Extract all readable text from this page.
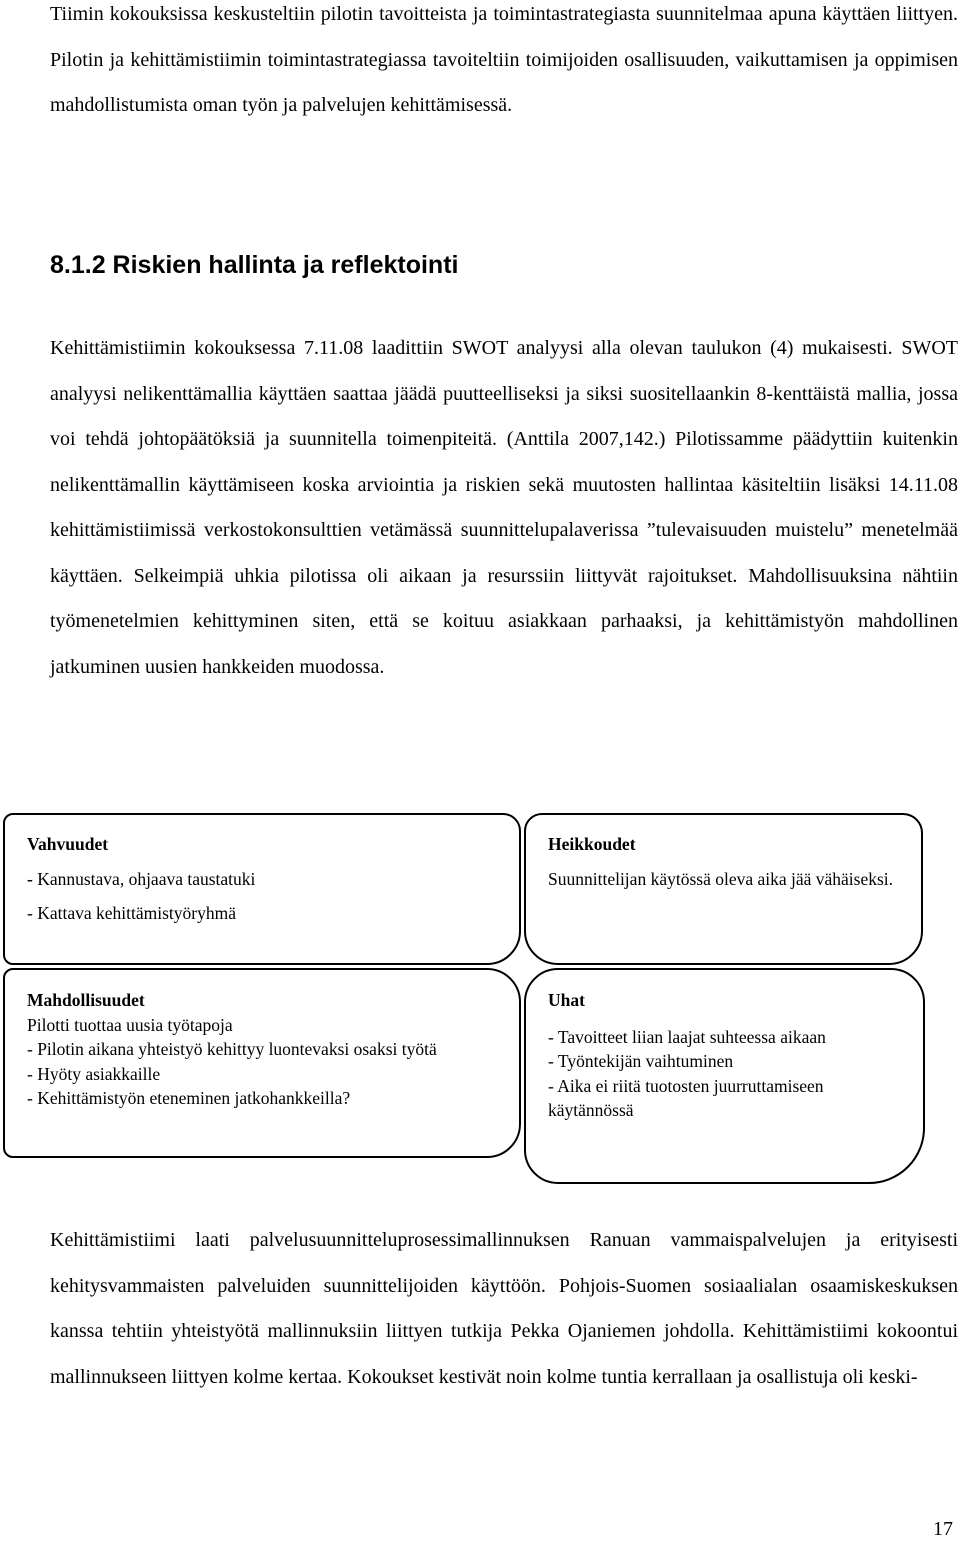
Tiimin kokouksissa keskusteltiin pilotin tavoitteista ja toimintastrategiasta suunnitelmaa apuna käyttäen liittyen. Pilotin ja kehittämistiimin toimintastrategiassa tavoiteltiin toimijoiden osallisuuden, vaikuttamisen ja oppimisen mahdollistumista oman työn ja palvelujen kehittämisessä.

8.1.2 Riskien hallinta ja reflektointi

Kehittämistiimin kokouksessa 7.11.08 laadittiin SWOT analyysi alla olevan taulukon (4) mukaisesti. SWOT analyysi nelikenttämallia käyttäen saattaa jäädä puutteelliseksi ja siksi suositellaankin 8-kenttäistä mallia, jossa voi tehdä johtopäätöksiä ja suunnitella toimenpiteitä. (Anttila 2007,142.) Pilotissamme päädyttiin kuitenkin nelikenttämallin käyttämiseen koska arviointia ja riskien sekä muutosten hallintaa käsiteltiin lisäksi 14.11.08 kehittämistiimissä verkostokonsulttien vetämässä suunnittelupalaverissa ”tulevaisuuden muistelu” menetelmää käyttäen. Selkeimpiä uhkia pilotissa oli aikaan ja resurssiin liittyvät rajoitukset. Mahdollisuuksina nähtiin työmenetelmien kehittyminen siten, että se koituu asiakkaan parhaaksi, ja kehittämistyön mahdollinen jatkuminen uusien hankkeiden muodossa.

Vahvuudet

- Kannustava, ohjaava taustatuki

- Kattava kehittämistyöryhmä

Heikkoudet

Suunnittelijan käytössä oleva aika jää vähäiseksi.

Mahdollisuudet

Pilotti tuottaa uusia työtapoja

- Pilotin aikana yhteistyö kehittyy luontevaksi osaksi työtä

- Hyöty asiakkaille

- Kehittämistyön eteneminen jatkohankkeilla?

Uhat

- Tavoitteet liian laajat suhteessa aikaan

- Työntekijän vaihtuminen

- Aika ei riitä tuotosten juurruttamiseen käytännössä

Kehittämistiimi laati palvelusuunnitteluprosessimallinnuksen Ranuan vammaispalvelujen ja erityisesti kehitysvammaisten palveluiden suunnittelijoiden käyttöön. Pohjois-Suomen sosiaalialan osaamiskeskuksen kanssa tehtiin yhteistyötä mallinnuksiin liittyen tutkija Pekka Ojaniemen johdolla. Kehittämistiimi kokoontui mallinnukseen liittyen kolme kertaa. Kokoukset kestivät noin kolme tuntia kerrallaan ja osallistuja oli keski-

17
